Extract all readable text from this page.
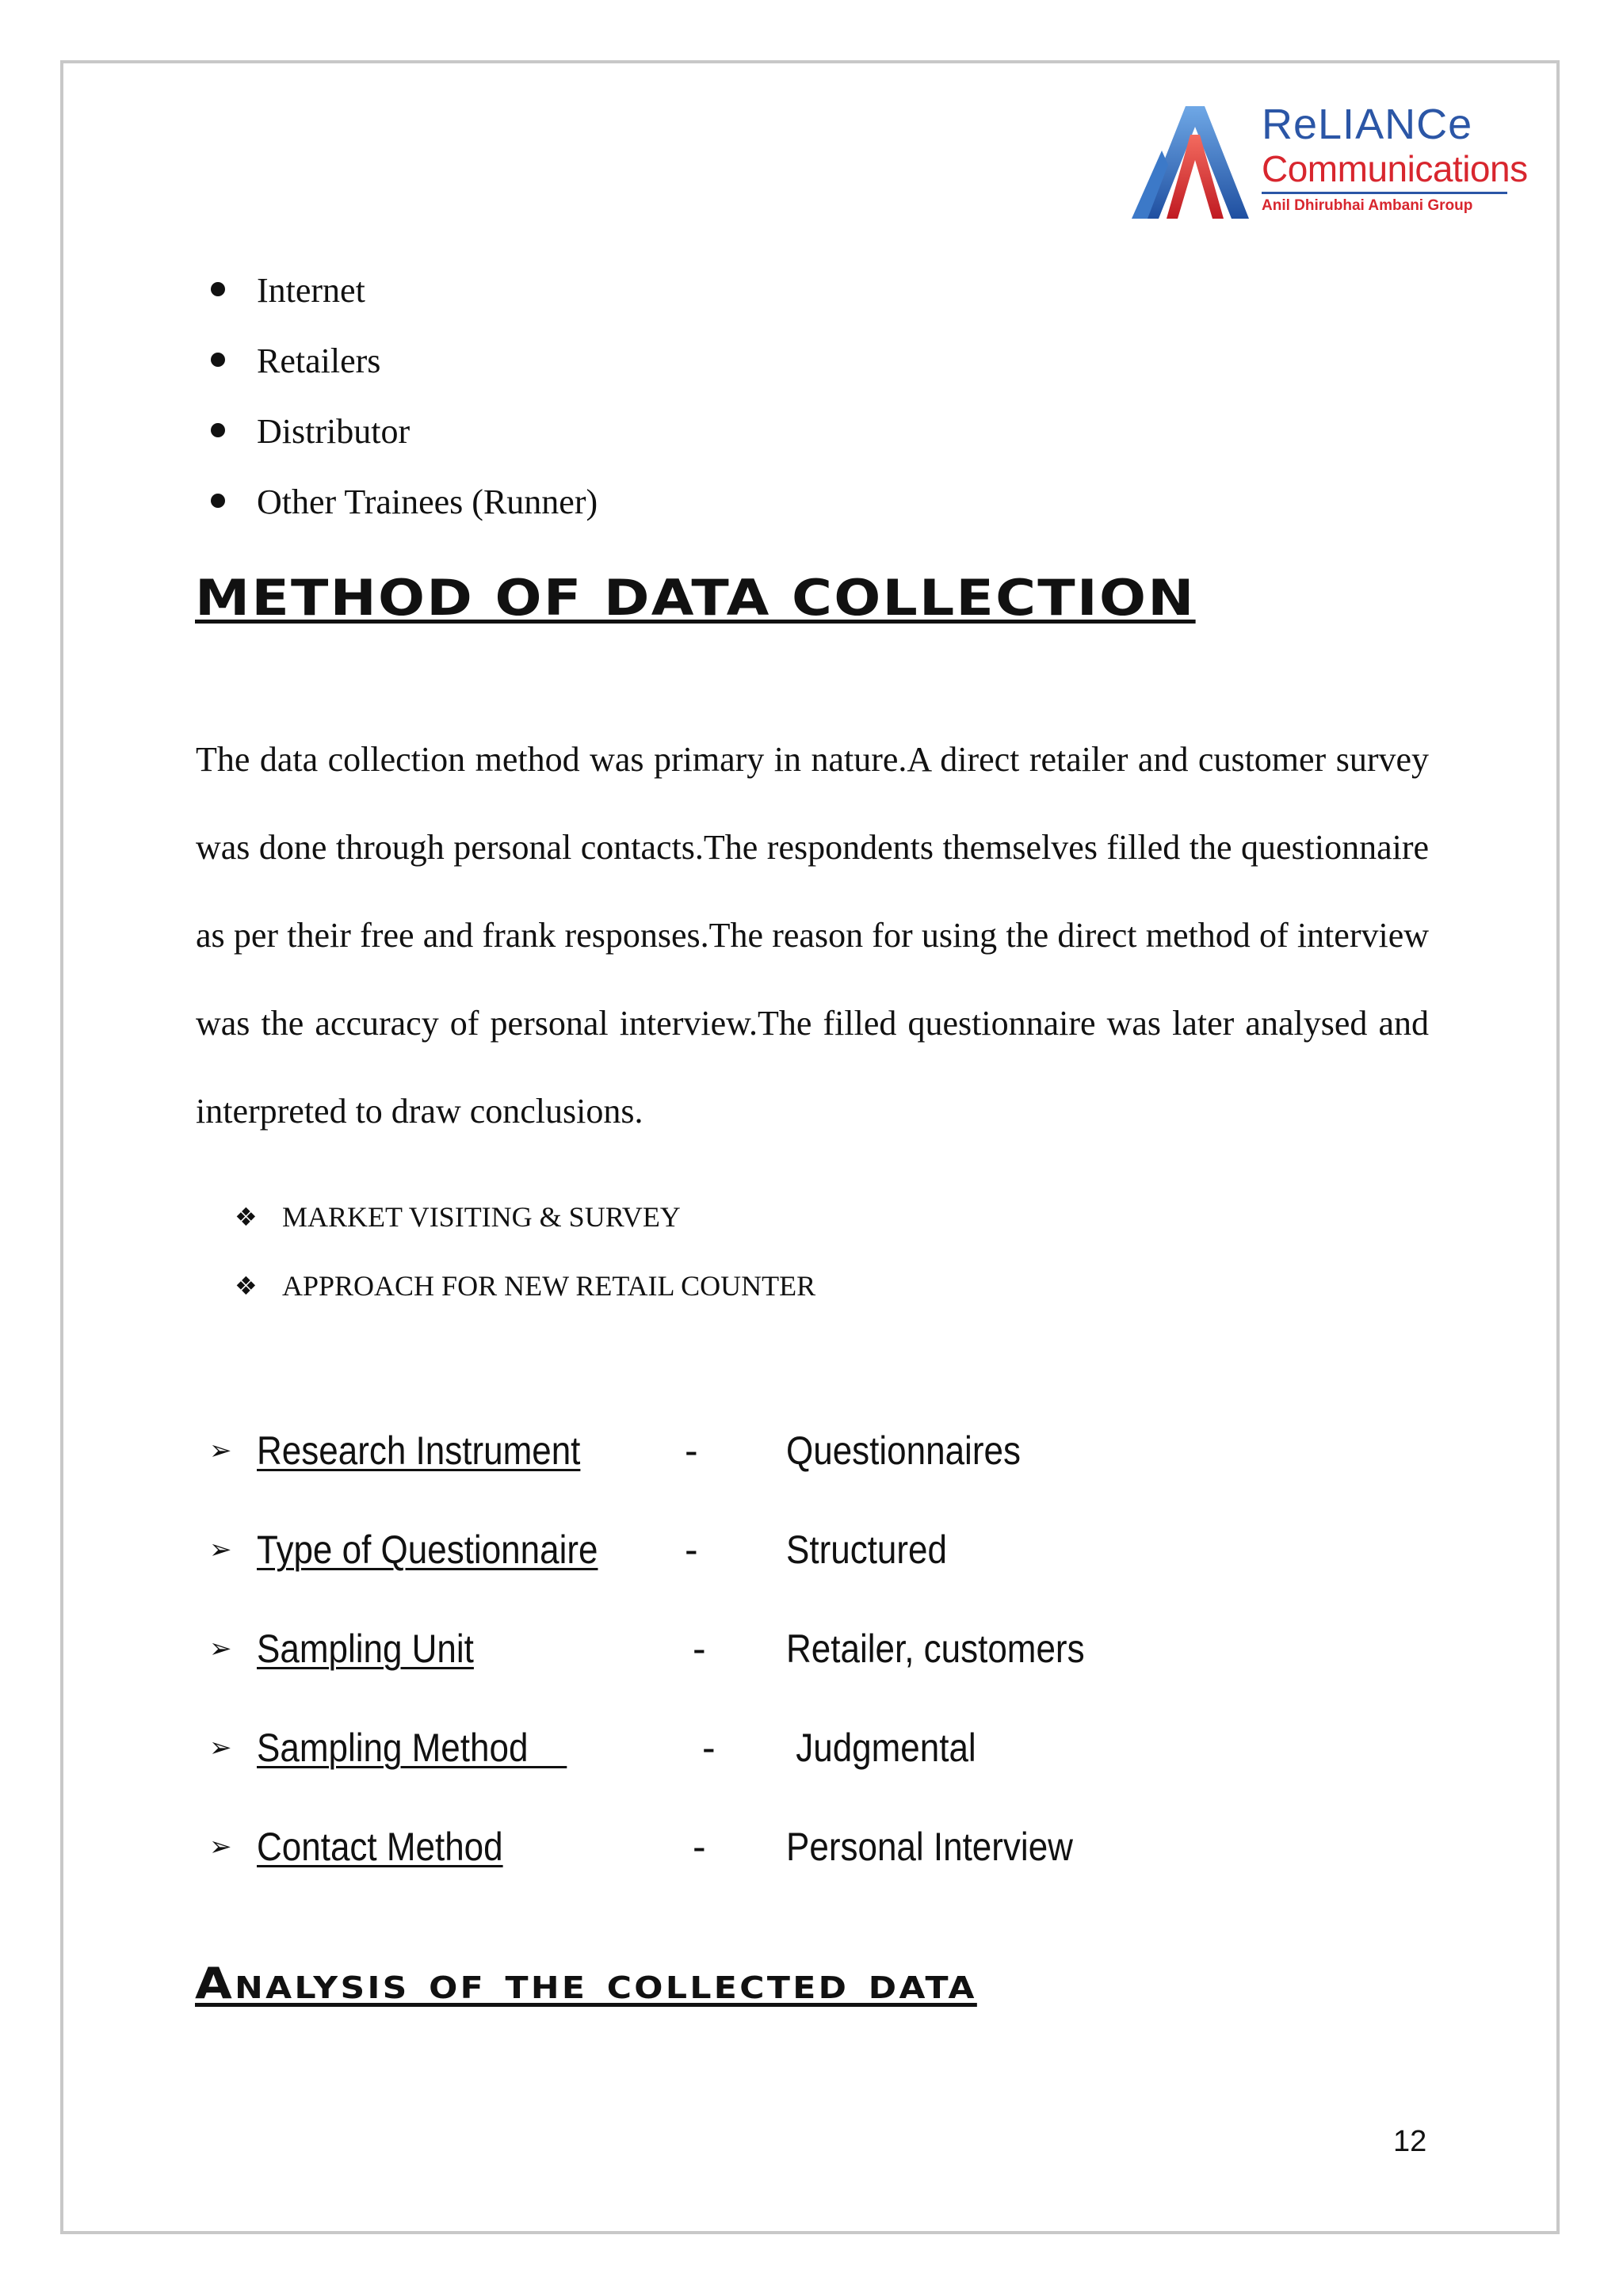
ReLIANCe
Communications
Anil Dhirubhai Ambani Group
Internet
Retailers
Distributor
Other Trainees (Runner)
METHOD OF DATA COLLECTION

The data collection method was primary in nature.A direct retailer and customer survey was done through personal contacts.The respondents themselves filled the questionnaire as per their free and frank responses.The reason for using the direct method of interview was the accuracy of personal interview.The filled questionnaire was later analysed and interpreted to draw conclusions.

❖ MARKET VISITING & SURVEY
❖ APPROACH FOR NEW RETAIL COUNTER
➢ Research Instrument	- Questionnaires
➢ Type of Questionnaire - Structured
➢ Sampling Unit	- Retailer, customers
➢ Sampling Method	- Judgmental
➢ Contact Method	- Personal Interview
Analysis of the collected data
12
